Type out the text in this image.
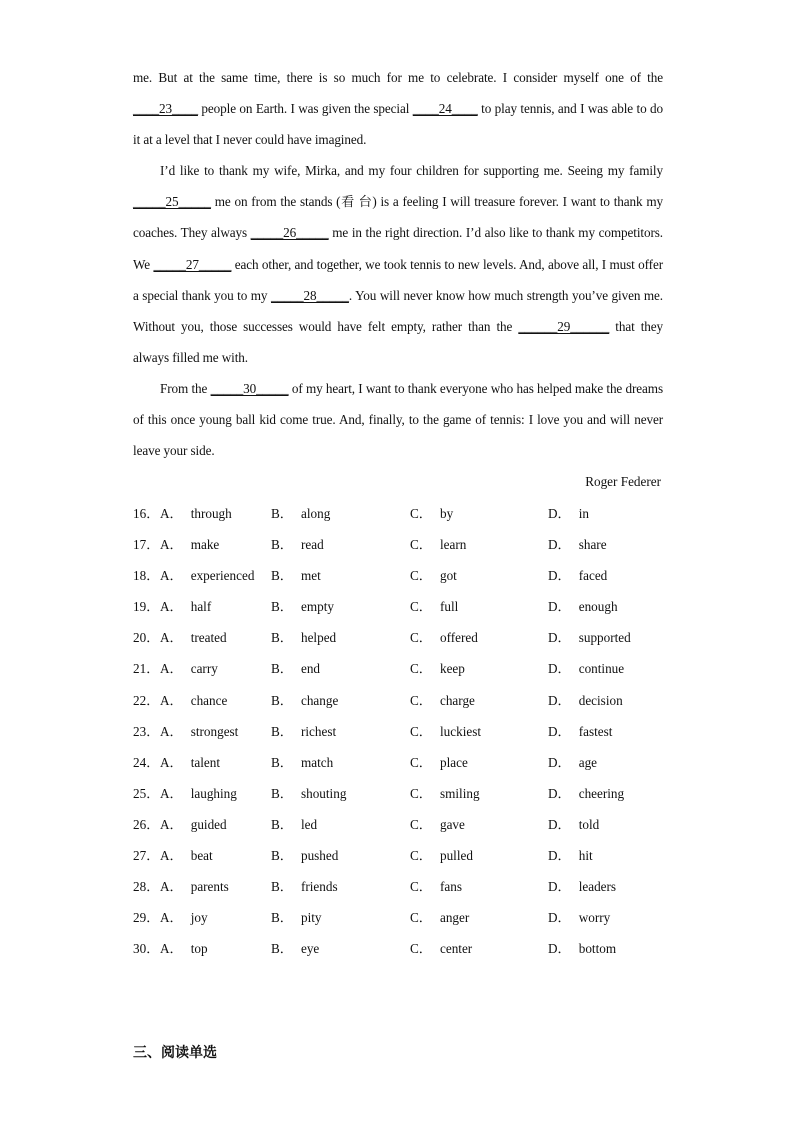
me. But at the same time, there is so much for me to celebrate. I consider myself one of the ____23____ people on Earth. I was given the special ____24____ to play tennis, and I was able to do it at a level that I never could have imagined.

I’d like to thank my wife, Mirka, and my four children for supporting me. Seeing my family _____25_____ me on from the stands (看 台) is a feeling I will treasure forever. I want to thank my coaches. They always _____26_____ me in the right direction. I’d also like to thank my competitors. We _____27_____ each other, and together, we took tennis to new levels. And, above all, I must offer a special thank you to my _____28_____. You will never know how much strength you’ve given me. Without you, those successes would have felt empty, rather than the ______29______ that they always filled me with.

From the _____30_____ of my heart, I want to thank everyone who has helped make the dreams of this once young ball kid come true. And, finally, to the game of tennis: I love you and will never leave your side.

Roger Federer
16． A． through	B． along	C． by	D． in
17． A． make	B． read	C． learn	D． share
18． A． experienced B． met	C． got	D． faced
19． A． half	B． empty	C． full	D． enough
20． A． treated	B． helped	C． offered	D． supported
21． A． carry	B． end	C． keep	D． continue
22． A． chance	B． change	C． charge	D． decision
23． A． strongest B． richest	C． luckiest	D． fastest
24． A． talent	B． match	C． place	D． age
25． A． laughing	B． shouting	C． smiling	D． cheering
26． A． guided	B． led	C． gave	D． told
27． A． beat	B． pushed	C． pulled	D． hit
28． A． parents	B． friends	C． fans	D． leaders
29． A． joy	B． pity	C． anger	D． worry
30． A． top	B． eye	C． center	D． bottom
三、阅读单选
